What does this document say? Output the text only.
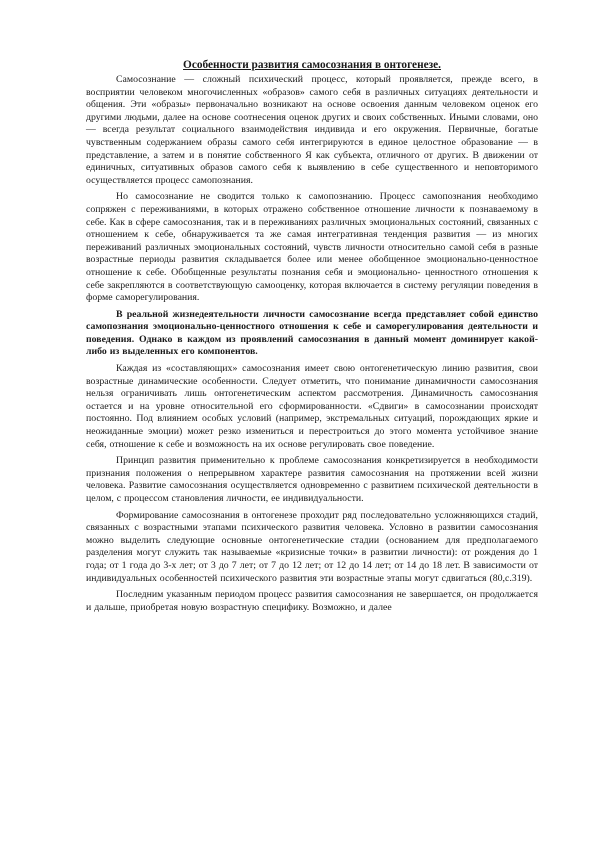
Особенности развития самосознания в онтогенезе.

Самосознание — сложный психический процесс, который проявляется, прежде всего, в восприятии человеком многочисленных «образов» самого себя в различных ситуациях деятельности и общения. Эти «образы» первоначально возникают на основе освоения данным человеком оценок его другими людьми, далее на основе соотнесения оценок других и своих собственных. Иными словами, оно — всегда результат социального взаимодействия индивида и его окружения. Первичные, богатые чувственным содержанием образы самого себя интегрируются в единое целостное образование — в представление, а затем и в понятие собственного Я как субъекта, отличного от других. В движении от единичных, ситуативных образов самого себя к выявлению в себе существенного и неповторимого осуществляется процесс самопознания.

Но самосознание не сводится только к самопознанию. Процесс самопознания необходимо сопряжен с переживаниями, в которых отражено собственное отношение личности к познаваемому в себе. Как в сфере самосознания, так и в переживаниях различных эмоциональных состояний, связанных с отношением к себе, обнаруживается та же самая интегративная тенденция развития — из многих переживаний различных эмоциональных состояний, чувств личности относительно самой себя в разные возрастные периоды развития складывается более или менее обобщенное эмоционально-ценностное отношение к себе. Обобщенные результаты познания себя и эмоционально- ценностного отношения к себе закрепляются в соответствующую самооценку, которая включается в систему регуляции поведения в форме саморегулирования.

В реальной жизнедеятельности личности самосознание всегда представляет собой единство самопознания эмоционально-ценностного отношения к себе и саморегулирования деятельности и поведения. Однако в каждом из проявлений самосознания в данный момент доминирует какой-либо из выделенных его компонентов.

Каждая из «составляющих» самосознания имеет свою онтогенетическую линию развития, свои возрастные динамические особенности. Следует отметить, что понимание динамичности самосознания нельзя ограничивать лишь онтогенетическим аспектом рассмотрения. Динамичность самосознания остается и на уровне относительной его сформированности. «Сдвиги» в самосознании происходят постоянно. Под влиянием особых условий (например, экстремальных ситуаций, порождающих яркие и неожиданные эмоции) может резко измениться и перестроиться до этого момента устойчивое знание себя, отношение к себе и возможность на их основе регулировать свое поведение.

Принцип развития применительно к проблеме самосознания конкретизируется в необходимости признания положения о непрерывном характере развития самосознания на протяжении всей жизни человека. Развитие самосознания осуществляется одновременно с развитием психической деятельности в целом, с процессом становления личности, ее индивидуальности.

Формирование самосознания в онтогенезе проходит ряд последовательно усложняющихся стадий, связанных с возрастными этапами психического развития человека. Условно в развитии самосознания можно выделить следующие основные онтогенетические стадии (основанием для предполагаемого разделения могут служить так называемые «кризисные точки» в развитии личности): от рождения до 1 года; от 1 года до 3-х лет; от 3 до 7 лет; от 7 до 12 лет; от 12 до 14 лет; от 14 до 18 лет. В зависимости от индивидуальных особенностей психического развития эти возрастные этапы могут сдвигаться (80,с.319).

Последним указанным периодом процесс развития самосознания не завершается, он продолжается и дальше, приобретая новую возрастную специфику. Возможно, и далее
